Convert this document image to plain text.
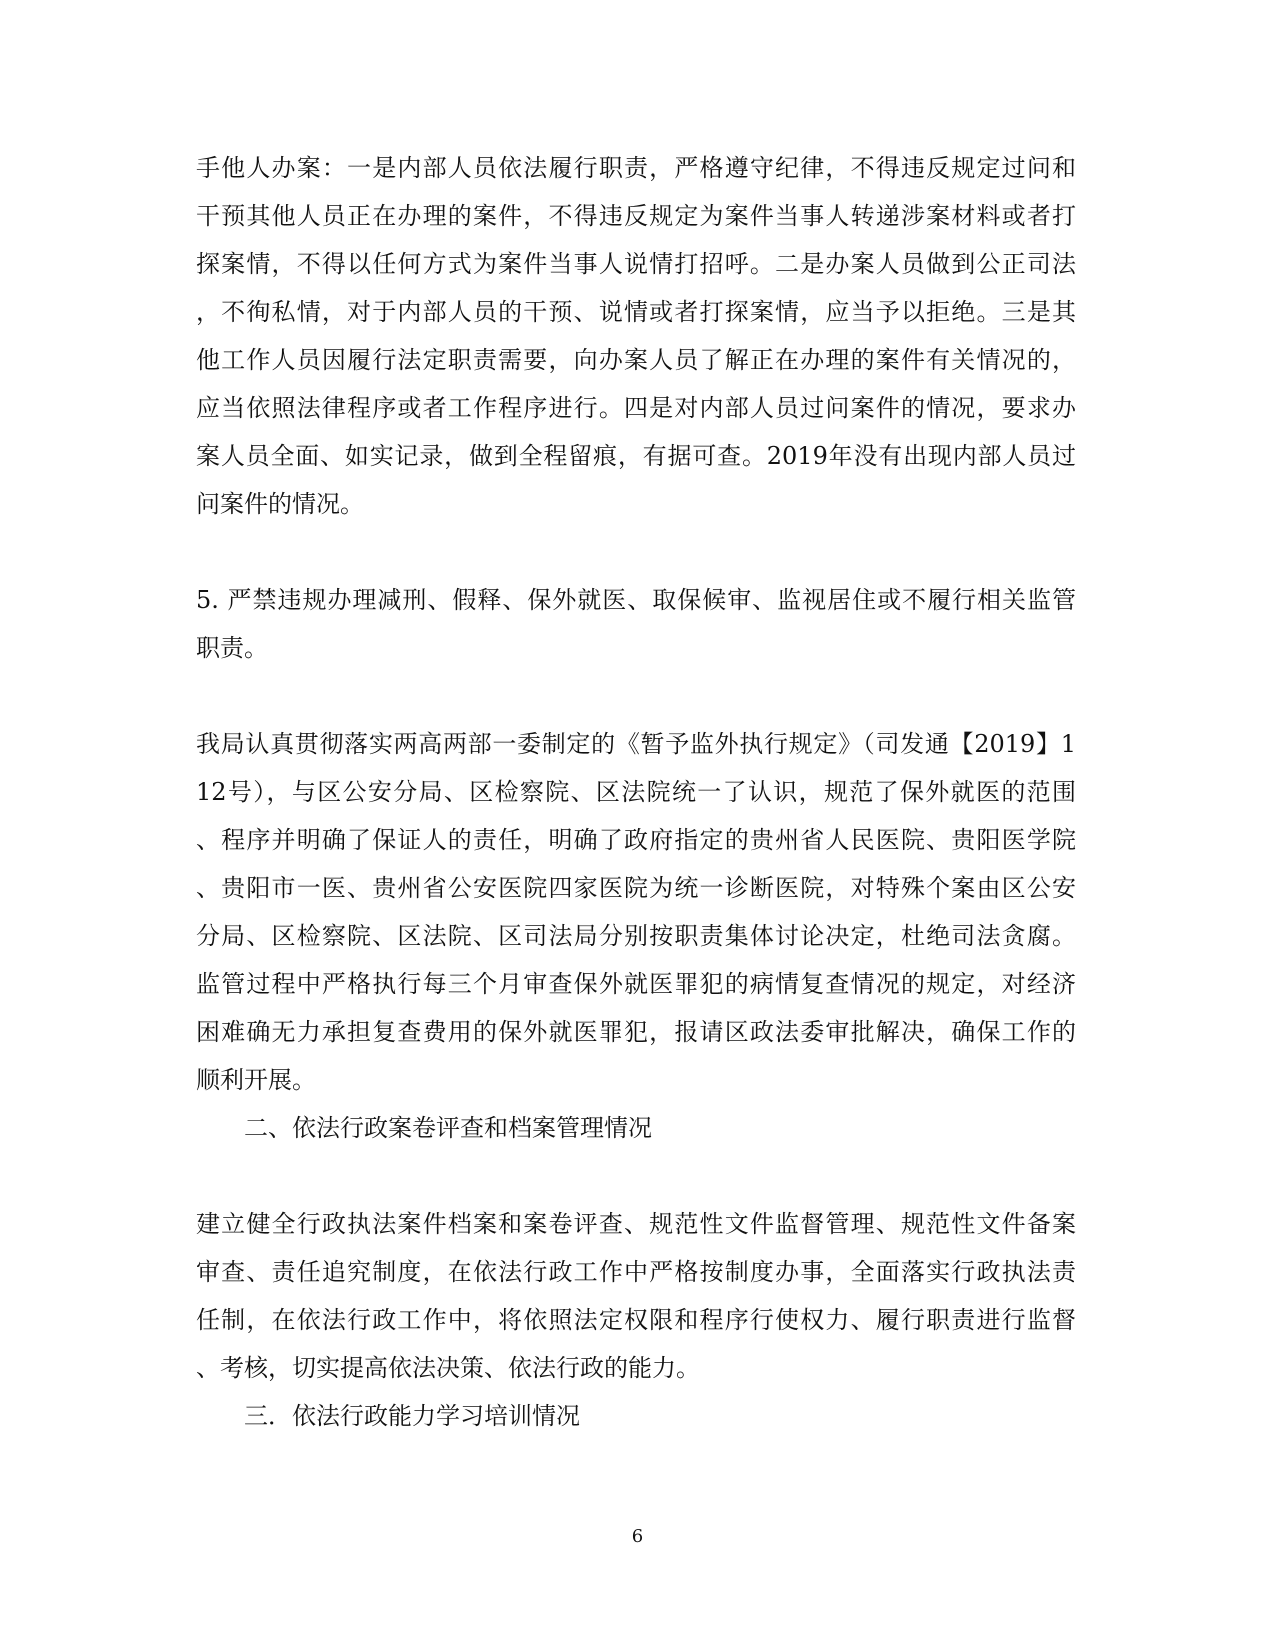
手他人办案：一是内部人员依法履行职责，严格遵守纪律，不得违反规定过问和
干预其他人员正在办理的案件，不得违反规定为案件当事人转递涉案材料或者打
探案情，不得以任何方式为案件当事人说情打招呼。二是办案人员做到公正司法
，不徇私情，对于内部人员的干预、说情或者打探案情，应当予以拒绝。三是其
他工作人员因履行法定职责需要，向办案人员了解正在办理的案件有关情况的，
应当依照法律程序或者工作程序进行。四是对内部人员过问案件的情况，要求办
案人员全面、如实记录，做到全程留痕，有据可查。2019年没有出现内部人员过
问案件的情况。
5. 严禁违规办理减刑、假释、保外就医、取保候审、监视居住或不履行相关监管
职责。
我局认真贯彻落实两高两部一委制定的《暂予监外执行规定》（司发通【2019】1
12号），与区公安分局、区检察院、区法院统一了认识，规范了保外就医的范围
、程序并明确了保证人的责任，明确了政府指定的贵州省人民医院、贵阳医学院
、贵阳市一医、贵州省公安医院四家医院为统一诊断医院，对特殊个案由区公安
分局、区检察院、区法院、区司法局分别按职责集体讨论决定，杜绝司法贪腐。
监管过程中严格执行每三个月审查保外就医罪犯的病情复查情况的规定，对经济
困难确无力承担复查费用的保外就医罪犯，报请区政法委审批解决，确保工作的
顺利开展。
二、依法行政案卷评查和档案管理情况
建立健全行政执法案件档案和案卷评查、规范性文件监督管理、规范性文件备案
审查、责任追究制度，在依法行政工作中严格按制度办事，全面落实行政执法责
任制，在依法行政工作中，将依照法定权限和程序行使权力、履行职责进行监督
、考核，切实提高依法决策、依法行政的能力。
三．依法行政能力学习培训情况
6
